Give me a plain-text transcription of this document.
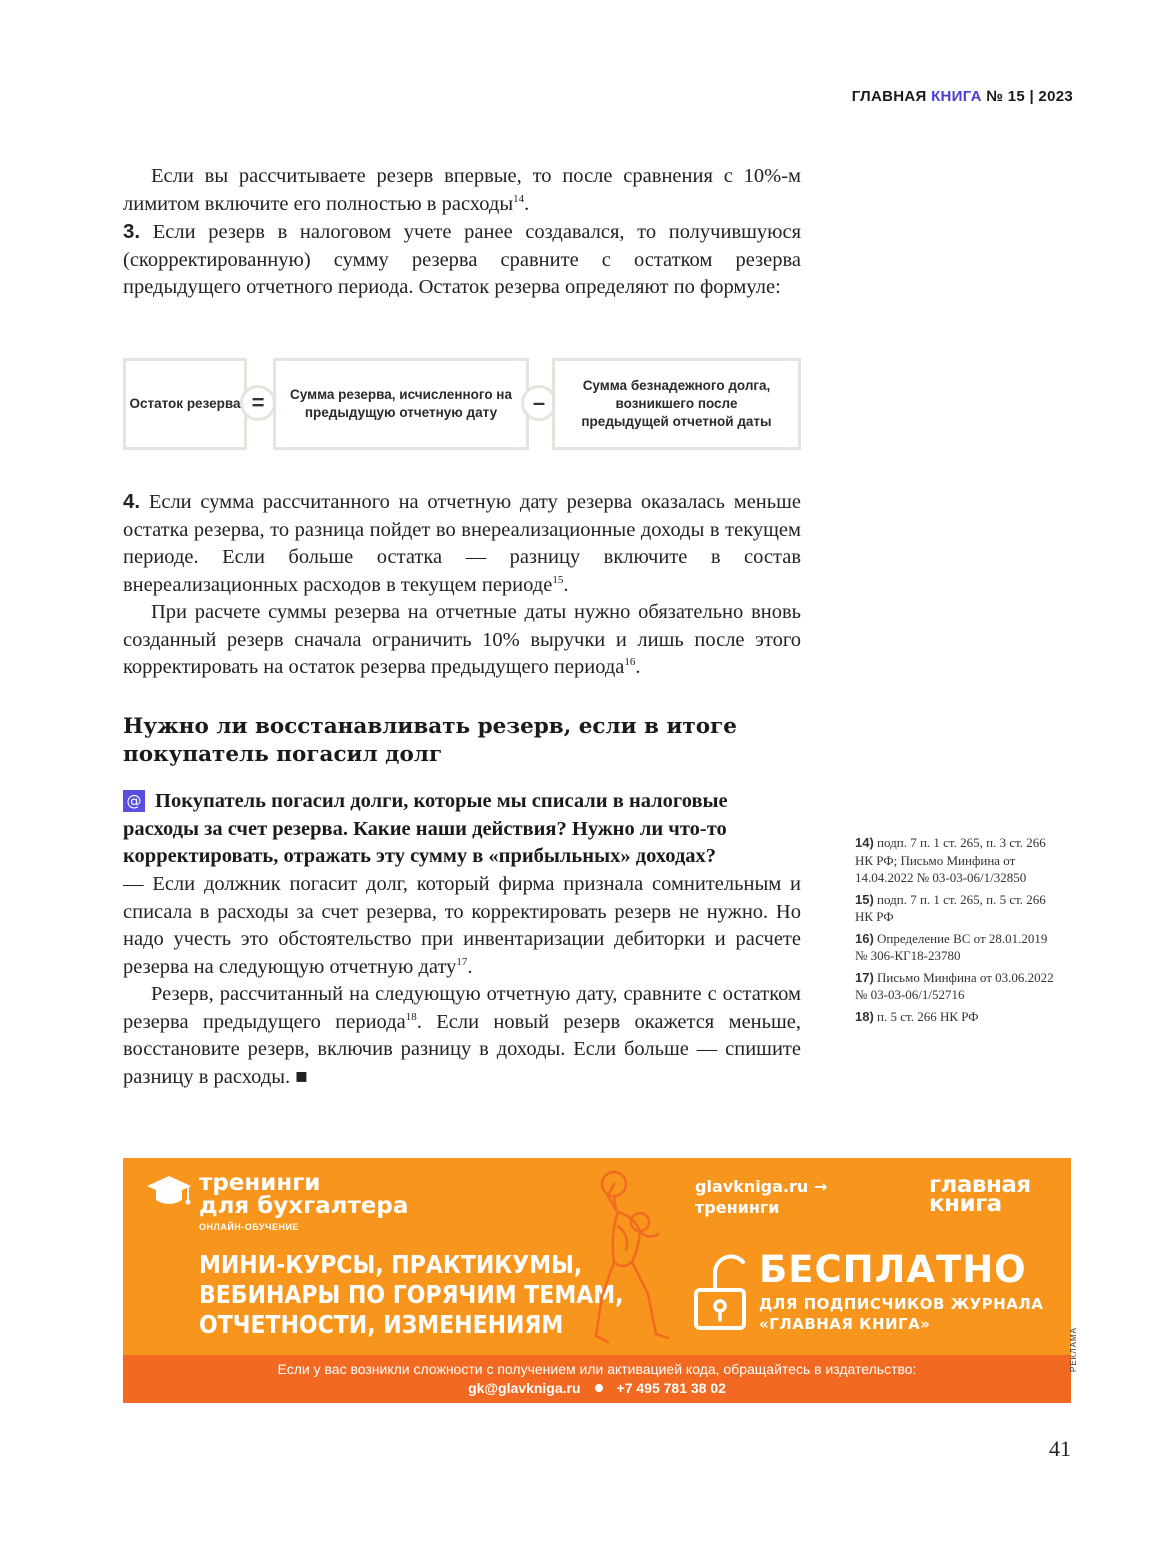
ГЛАВНАЯ КНИГА № 15 | 2023

Если вы рассчитываете резерв впервые, то после сравнения с 10%-м лимитом включите его полностью в расходы$^{14}$.

3. Если резерв в налоговом учете ранее создавался, то получившуюся (скорректированную) сумму резерва сравните с остатком резерва предыдущего отчетного периода. Остаток резерва определяют по формуле:

Остаток резерва =	Сумма резерва, исчисленного на предыдущую отчетную дату	–
Сумма безнадежного долга, возникшего после предыдущей отчетной даты

4. Если сумма рассчитанного на отчетную дату резерва оказалась меньше остатка резерва, то разница пойдет во внереализационные доходы в текущем периоде. Если больше остатка — разницу включите в состав внереализационных расходов в текущем периоде$^{15}$.

При расчете суммы резерва на отчетные даты нужно обязательно вновь созданный резерв сначала ограничить 10% выручки и лишь после этого корректировать на остаток резерва предыдущего периода$^{16}$.

Нужно ли восстанавливать резерв, если в итоге покупатель погасил долг
@ Покупатель погасил долги, которые мы списали в налоговые расходы за счет резерва. Какие наши действия? Нужно ли что-то корректировать, отражать эту сумму в «прибыльных» доходах?

— Если должник погасит долг, который фирма признала сомнительным и списала в расходы за счет резерва, то корректировать резерв не нужно. Но надо учесть это обстоятельство при инвентаризации дебиторки и расчете резерва на следующую отчетную дату$^{17}$.

Резерв, рассчитанный на следующую отчетную дату, сравните с остатком резерва предыдущего периода$^{18}$. Если новый резерв окажется меньше, восстановите резерв, включив разницу в доходы. Если больше — спишите разницу в расходы. ■

14) подп. 7 п. 1 ст. 265, п. 3 ст. 266 НК РФ; Письмо Минфина от 14.04.2022 № 03-03-06/1/32850
15) подп. 7 п. 1 ст. 265, п. 5 ст. 266 НК РФ
16) Определение ВС от 28.01.2019 № 306-КГ18-23780
17) Письмо Минфина от 03.06.2022 № 03-03-06/1/52716
18) п. 5 ст. 266 НК РФ
тренинги
для бухгалтера
ОНЛАЙН-ОБУЧЕНИЕ
МИНИ-КУРСЫ, ПРАКТИКУМЫ,
ВЕБИНАРЫ ПО ГОРЯЧИМ ТЕМАМ,
ОТЧЕТНОСТИ, ИЗМЕНЕНИЯМ
glavkniga.ru →
тренинги
главная
книга
БЕСПЛАТНО
ДЛЯ ПОДПИСЧИКОВ ЖУРНАЛА
«ГЛАВНАЯ КНИГА»
Если у вас возникли сложности с получением или активацией кода, обращайтесь в издательство:
gk@glavkniga.ru	+7 495 781 38 02
РЕКЛАМА
41
